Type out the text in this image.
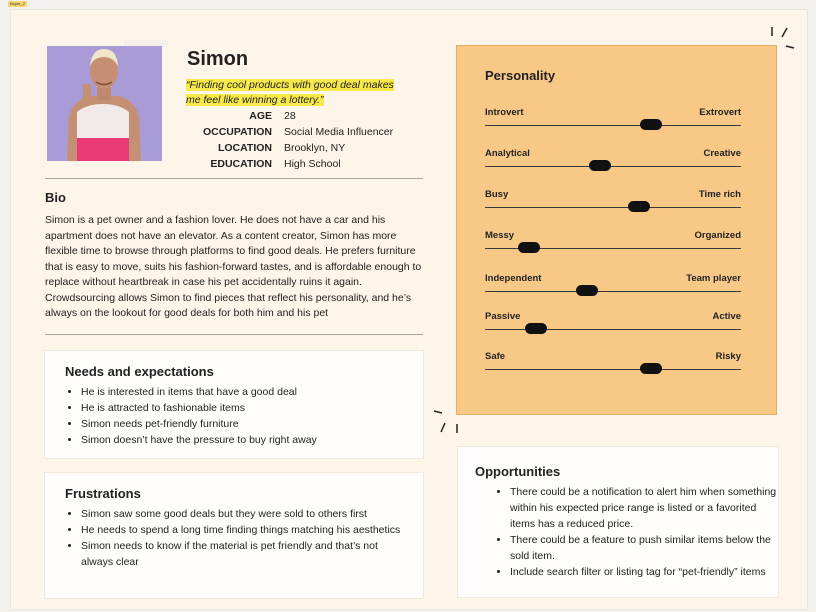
Buyer_2
Simon
“Finding cool products with good deal makes me feel like winning a lottery.”
AGE	28
OCCUPATION	Social Media Influencer
LOCATION	Brooklyn, NY
EDUCATION	High School
Bio
Simon is a pet owner and a fashion lover. He does not have a car and his apartment does not have an elevator. As a content creator, Simon has more flexible time to browse through platforms to find good deals. He prefers furniture that is easy to move, suits his fashion-forward tastes, and is affordable enough to replace without heartbreak in case his pet accidentally ruins it again. Crowdsourcing allows Simon to find pieces that reflect his personality, and he’s always on the lookout for good deals for both him and his pet
Needs and expectations
• He is interested in items that have a good deal
• He is attracted to fashionable items
• Simon needs pet-friendly furniture
• Simon doesn’t have the pressure to buy right away
Frustrations
• Simon saw some good deals but they were sold to others first
• He needs to spend a long time finding things matching his aesthetics
• Simon needs to know if the material is pet friendly and that’s not always clear
Opportunities
• There could be a notification to alert him when something within his expected price range is listed or a favorited items has a reduced price.
• There could be a feature to push similar items below the sold item.
• Include search filter or listing tag for “pet-friendly” items
Personality
Introvert	Extrovert
Analytical	Creative
Busy	Time rich
Messy	Organized
Independent	Team player
Passive	Active
Safe	Risky
